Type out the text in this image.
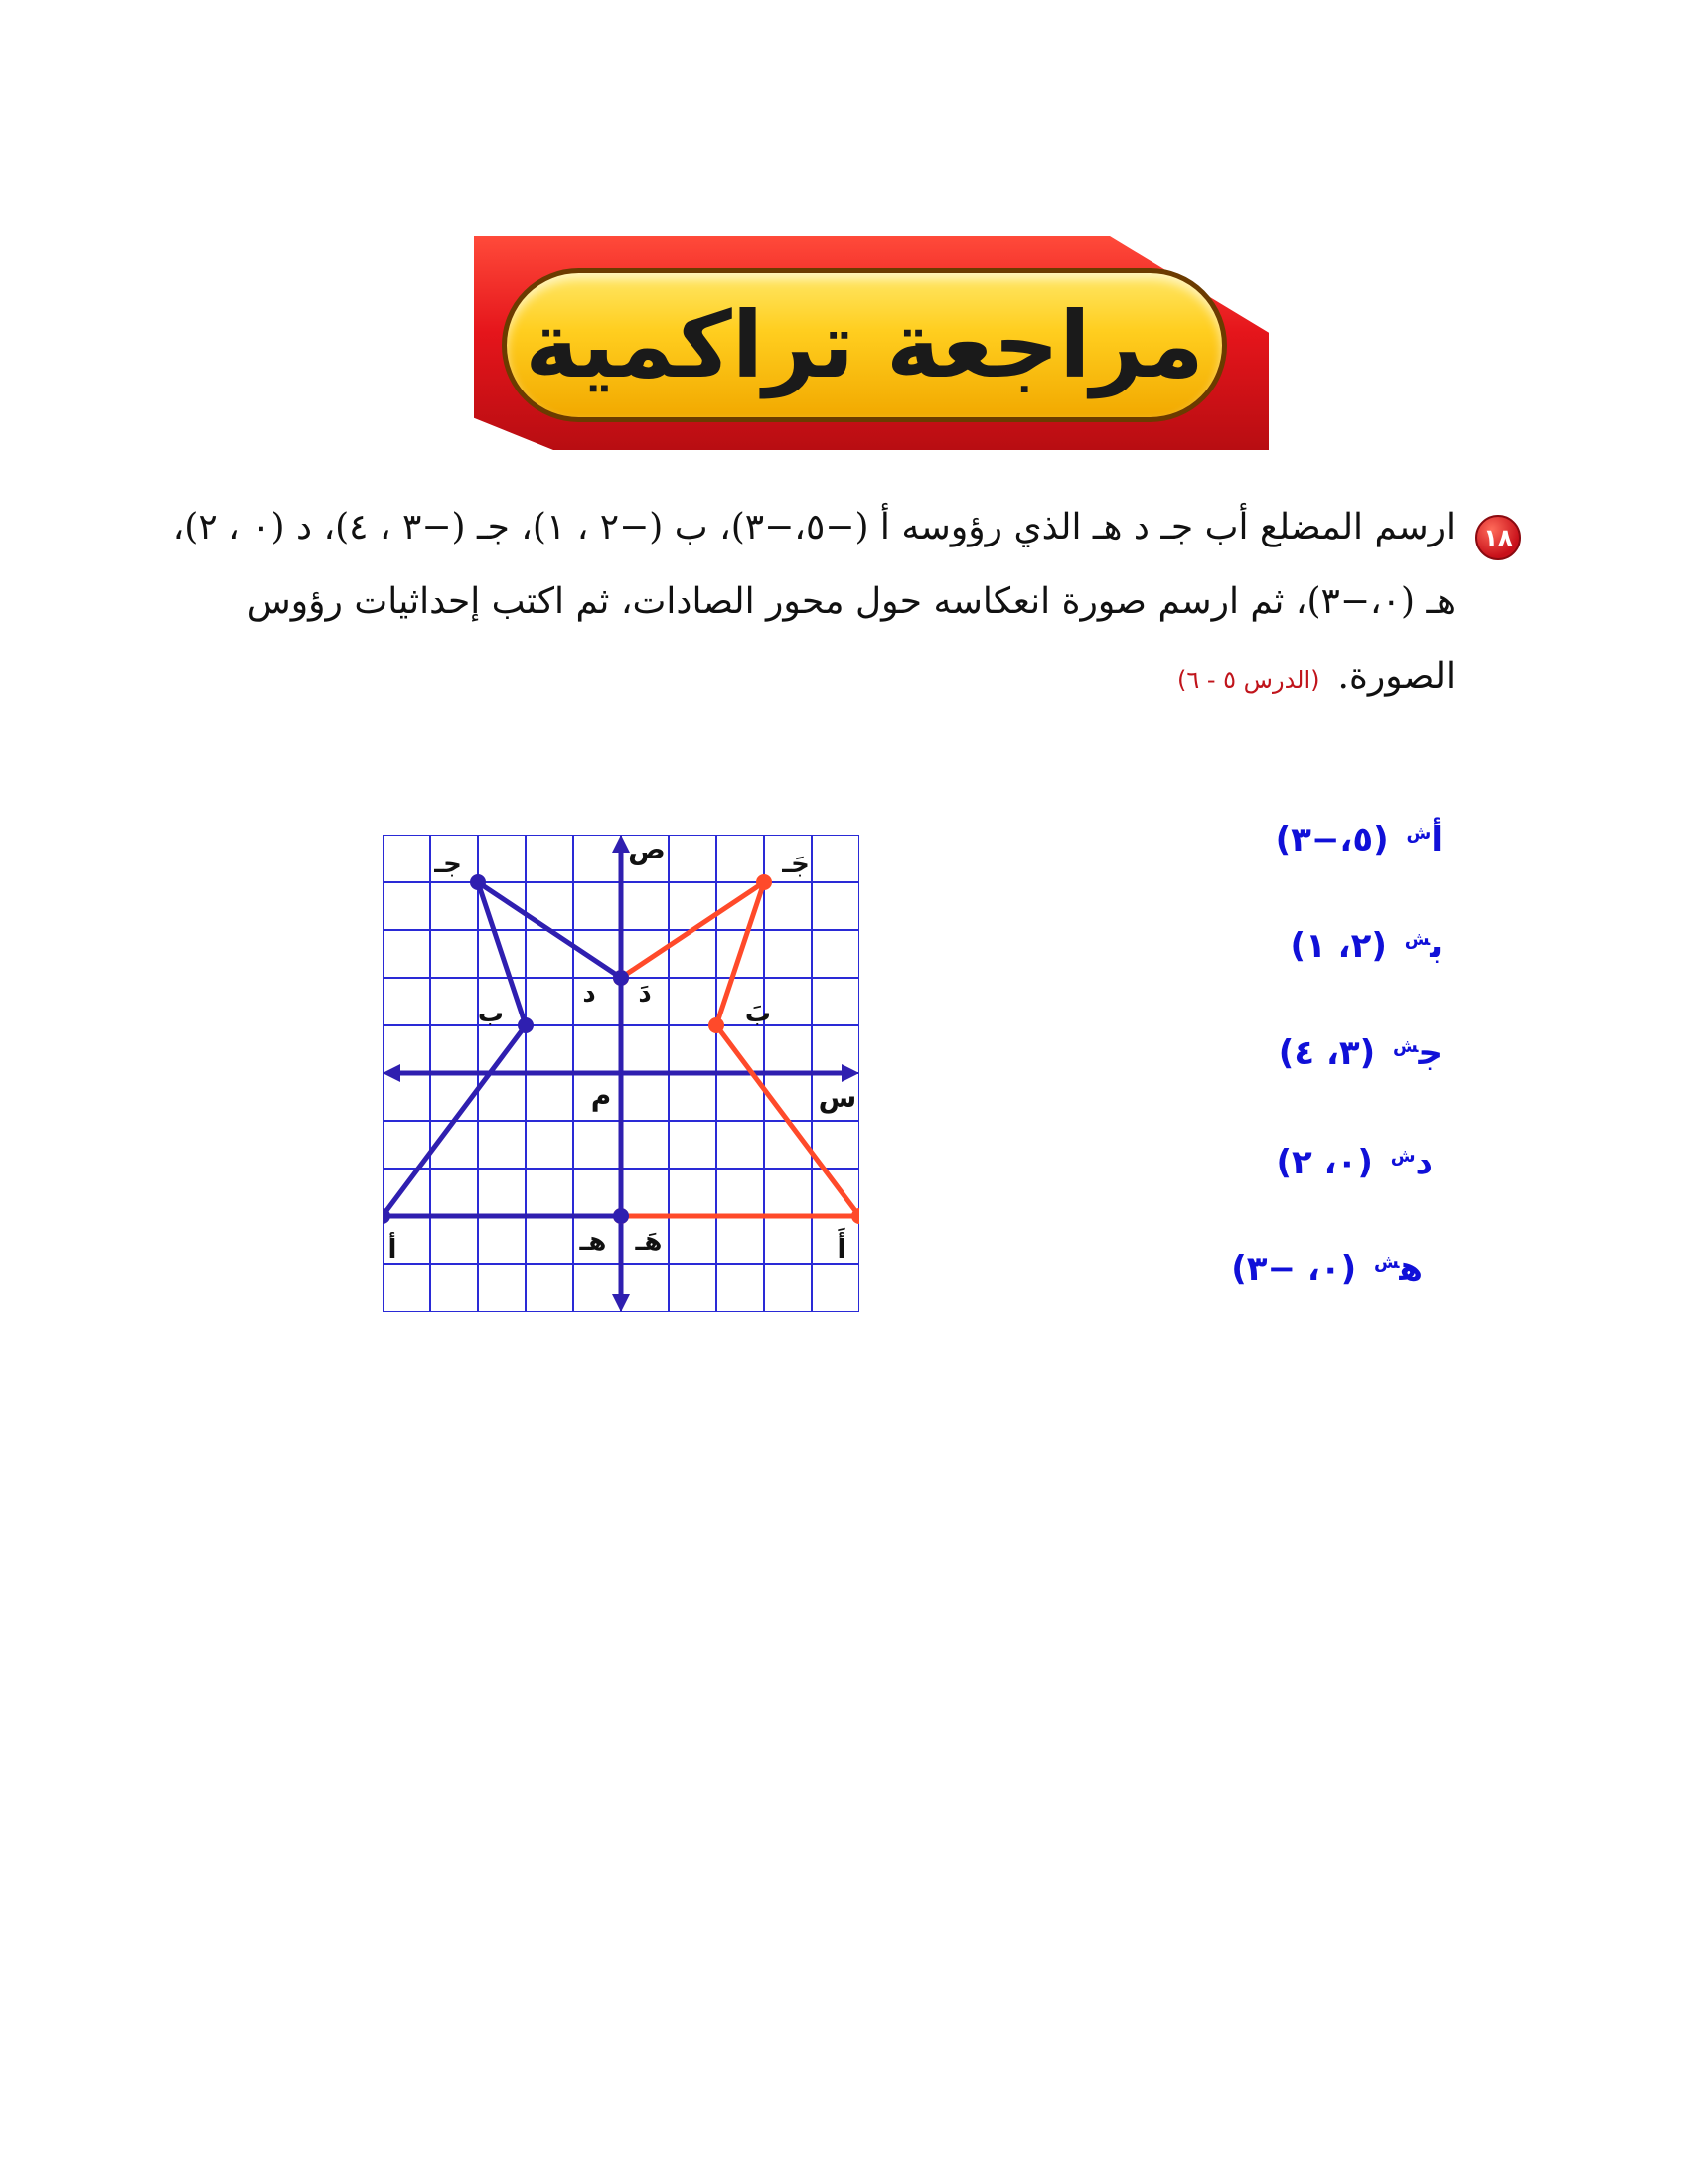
مراجعة تراكمية
١٨
ارسم المضلع أب جـ د هـ الذي رؤوسه أ (−٥،−٣)، ب (−٢ ، ١)، جـ (−٣ ، ٤)، د (٠ ، ٢)،
هـ (٠،−٣)، ثم ارسم صورة انعكاسه حول محور الصادات، ثم اكتب إحداثيات رؤوس
الصورة.(الدرس ٥ - ٦)
س
ص
م
أ
ب
جـ
د
هـ	أَ
بَ
جَـ
دَ
هَـ
أ$^ش$ (٥،−٣)
ب$^ش$ (٢، ١)
ج$^ش$ (٣، ٤)
د$^ش$ (٠، ٢)
ه$^ش$ (٠، −٣)
